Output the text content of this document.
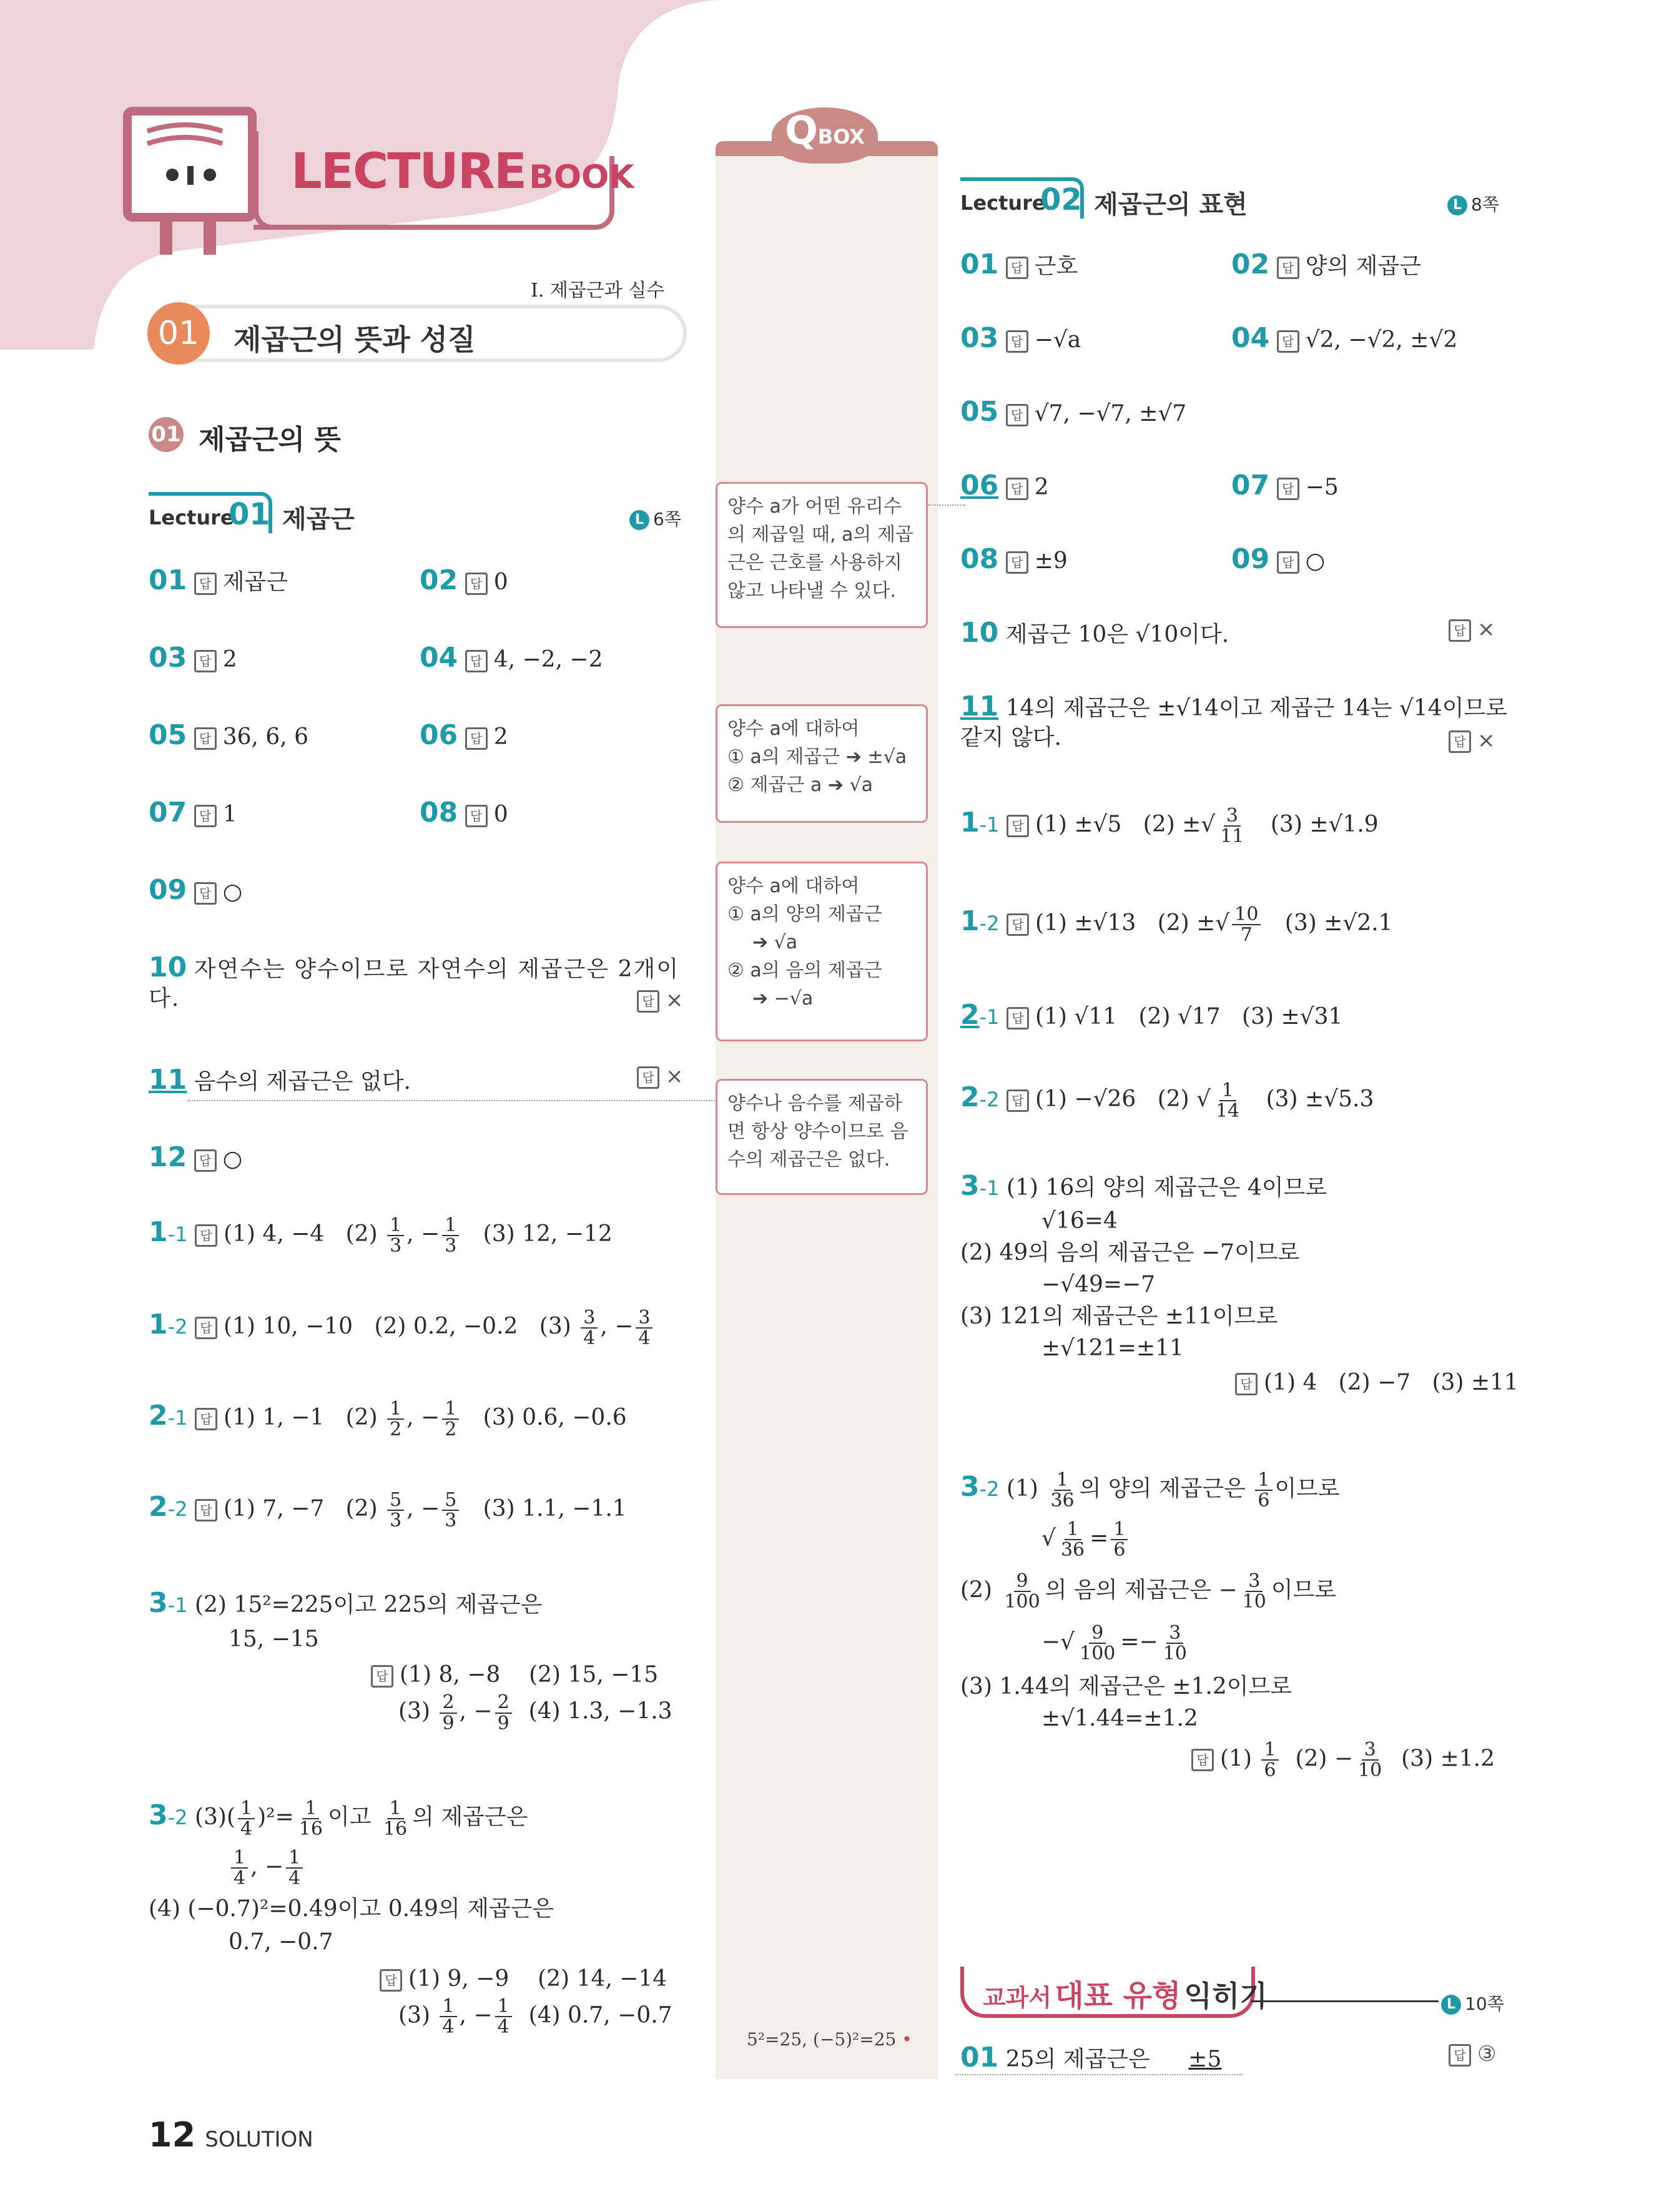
LECTURE BOOK
Ⅰ. 제곱근과 실수
01	제곱근의 뜻과 성질
01 제곱근의 뜻
Lecture
01 제곱근	L 6쪽
01 답 제곱근	02 답 0
03 답 2	04 답 4, −2, −2
05 답 36, 6, 6	06 답 2
07 답 1	08 답 0
09 답 ○
10 자연수는 양수이므로 자연수의 제곱근은 2개이다. 답	×
11 음수의 제곱근은 없다. 답	×
12 답 ○
1-1 답 (1) 4, −4 $(2) \frac{1}{3}$ , − $\frac{1}{3} (3)$ 12, −12
1-2 답 (1) 10, −10 (2) 0.2, −0.2 $(3) \frac{3}{4}$ , − $\frac{3}{4}$
2-1 답 (1) 1, −1 $(2) \frac{1}{2}$ , − $\frac{1}{2} (3)$ 0.6, −0.6
2-2 답 (1) 7, −7 $(2) \frac{5}{3}$ , − $\frac{5}{3} (3)$ 1.1, −1.1
3-1 (2) 15²=225이고 225의 제곱근은
15, −15
답(1) 8, −8 (2) 15, −15
$(3) \frac{2}{9}$ , − $\frac{2}{9} (4)$ 1.3, −1.3
3-2 $(3)( \frac{1}{4} )^2= \frac{1}{16}$ 이고 $\frac{1}{16}$ 의 제곱근은
$\frac{1}{4}$ , − $\frac{1}{4}$
(4) (−0.7)²=0.49이고 0.49의 제곱근은
0.7, −0.7
답(1) 9, −9 (2) 14, −14
$(3) \frac{1}{4}$ , − $\frac{1}{4} (4)$ 0.7, −0.7
QBOX
양수 a가 어떤 유리수의 제곱일 때, a의 제곱근은 근호를 사용하지 않고 나타낼 수 있다.
양수 a에 대하여
① a의 제곱근 ➔ ±√a
② 제곱근 a ➔ √a
양수 a에 대하여
① a의 양의 제곱근
➔ √a
② a의 음의 제곱근
➔ −√a
양수나 음수를 제곱하면 항상 양수이므로 음수의 제곱근은 없다.
5²=25, (−5)²=25 •
Lecture
02 제곱근의 표현	L 8쪽
01 답 근호	02 답 양의 제곱근
03 답 −√a	04 답 √2, −√2, ±√2
05 답 √7, −√7, ±√7
06 답 2	07 답 −5
08 답 ±9	09 답 ○
10 제곱근 10은 √10이다. 답	×
11 14의 제곱근은 ±√14이고 제곱근 14는 √14이므로 같지 않다. 답	×
1-1 답 (1) ±√5 (2) ±√ $\frac{3}{11} (3) \pm√1.9$
1-2 답 (1) ±√13 (2) ±√ $\frac{10}{7} (3) \pm√2.1$
2-1 답 (1) √11 (2) √17 (3) ±√31
2-2 답 (1) −√26 (2) √ $\frac{1}{14} (3) \pm√5.3$
3-1 (1) 16의 양의 제곱근은 4이므로
√16=4
(2) 49의 음의 제곱근은 −7이므로
−√49=−7
(3) 121의 제곱근은 ±11이므로
±√121=±11
답(1) 4   (2) −7   (3) ±11
3-2 $(1) \frac{1}{36}$ 의 양의 제곱근은 $\frac{1}{6}$ 이므로
√ $\frac{1}{36} = \frac{1}{6}$
$(2) \frac{9}{100}$ 의 음의 제곱근은 − $\frac{3}{10}$ 이므로
−√ $\frac{9}{100} =- \frac{3}{10}$
(3) 1.44의 제곱근은 ±1.2이므로
±√1.44=±1.2
답$(1) \frac{1}{6} (2) - \frac{3}{10} (3) \pm 1.2$
교과서 대표 유형 익히기	L 10쪽
01 25의 제곱근은 ±5 답	③
12 SOLUTION
